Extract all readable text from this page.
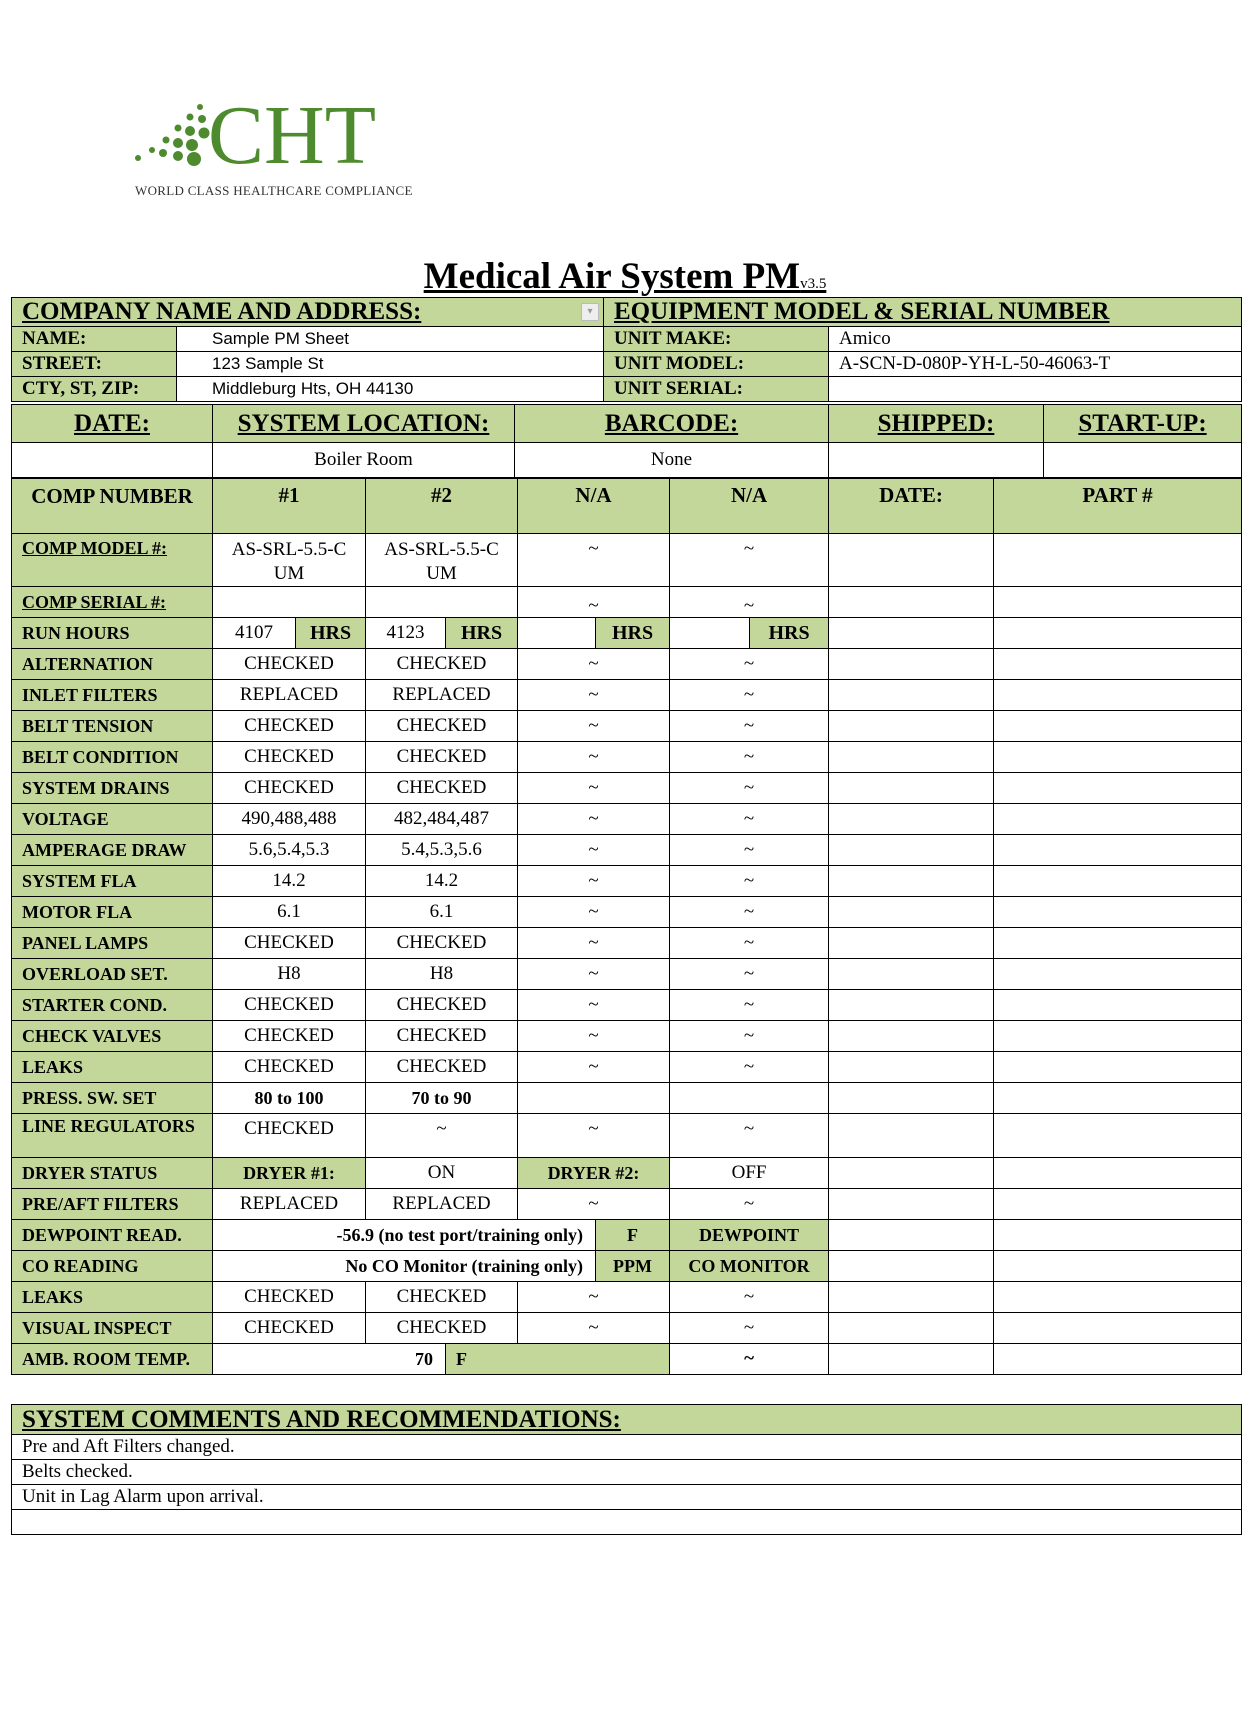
CHT
WORLD CLASS HEALTHCARE COMPLIANCE
Medical Air System PMv3.5
COMPANY NAME AND ADDRESS: ▾		EQUIPMENT MODEL & SERIAL NUMBER	
NAME:	Sample PM Sheet	UNIT MAKE:	Amico
STREET:	123 Sample St	UNIT MODEL:	A-SCN-D-080P-YH-L-50-46063-T
CTY, ST, ZIP:	Middleburg Hts, OH 44130	UNIT SERIAL:	
DATE:	SYSTEM LOCATION:	BARCODE:	SHIPPED:	START-UP:
	Boiler Room	None		
COMP NUMBER	#1		#2		N/A		N/A		DATE:	PART #
COMP MODEL #:	AS-SRL-5.5-C UM		AS-SRL-5.5-CUM		~		~			
COMP SERIAL #:					~		~			
RUN HOURS	4107	HRS	4123	HRS		HRS		HRS		
ALTERNATION	CHECKED		CHECKED		~		~			
INLET FILTERS	REPLACED		REPLACED		~		~			
BELT TENSION	CHECKED		CHECKED		~		~			
BELT CONDITION	CHECKED		CHECKED		~		~			
SYSTEM DRAINS	CHECKED		CHECKED		~		~			
VOLTAGE	490,488,488		482,484,487		~		~			
AMPERAGE DRAW	5.6,5.4,5.3		5.4,5.3,5.6		~		~			
SYSTEM FLA	14.2		14.2		~		~			
MOTOR FLA	6.1		6.1		~		~			
PANEL LAMPS	CHECKED		CHECKED		~		~			
OVERLOAD SET.	H8		H8		~		~			
STARTER COND.	CHECKED		CHECKED		~		~			
CHECK VALVES	CHECKED		CHECKED		~		~			
LEAKS	CHECKED		CHECKED		~		~			
PRESS. SW. SET	80 to 100		70 to 90							
LINE REGULATORS	CHECKED		~		~		~			
DRYER STATUS	DRYER #1:		ON		DRYER #2:		OFF			
PRE/AFT FILTERS	REPLACED		REPLACED		~		~			
DEWPOINT READ.	-56.9 (no test port/training only)					F	DEWPOINT			
CO READING	No CO Monitor (training only)					PPM	CO MONITOR			
LEAKS	CHECKED		CHECKED		~		~			
VISUAL INSPECT	CHECKED		CHECKED		~		~			
AMB. ROOM TEMP.	70			F			~			
SYSTEM COMMENTS AND RECOMMENDATIONS:
Pre and Aft Filters changed.
Belts checked.
Unit in Lag Alarm upon arrival.
